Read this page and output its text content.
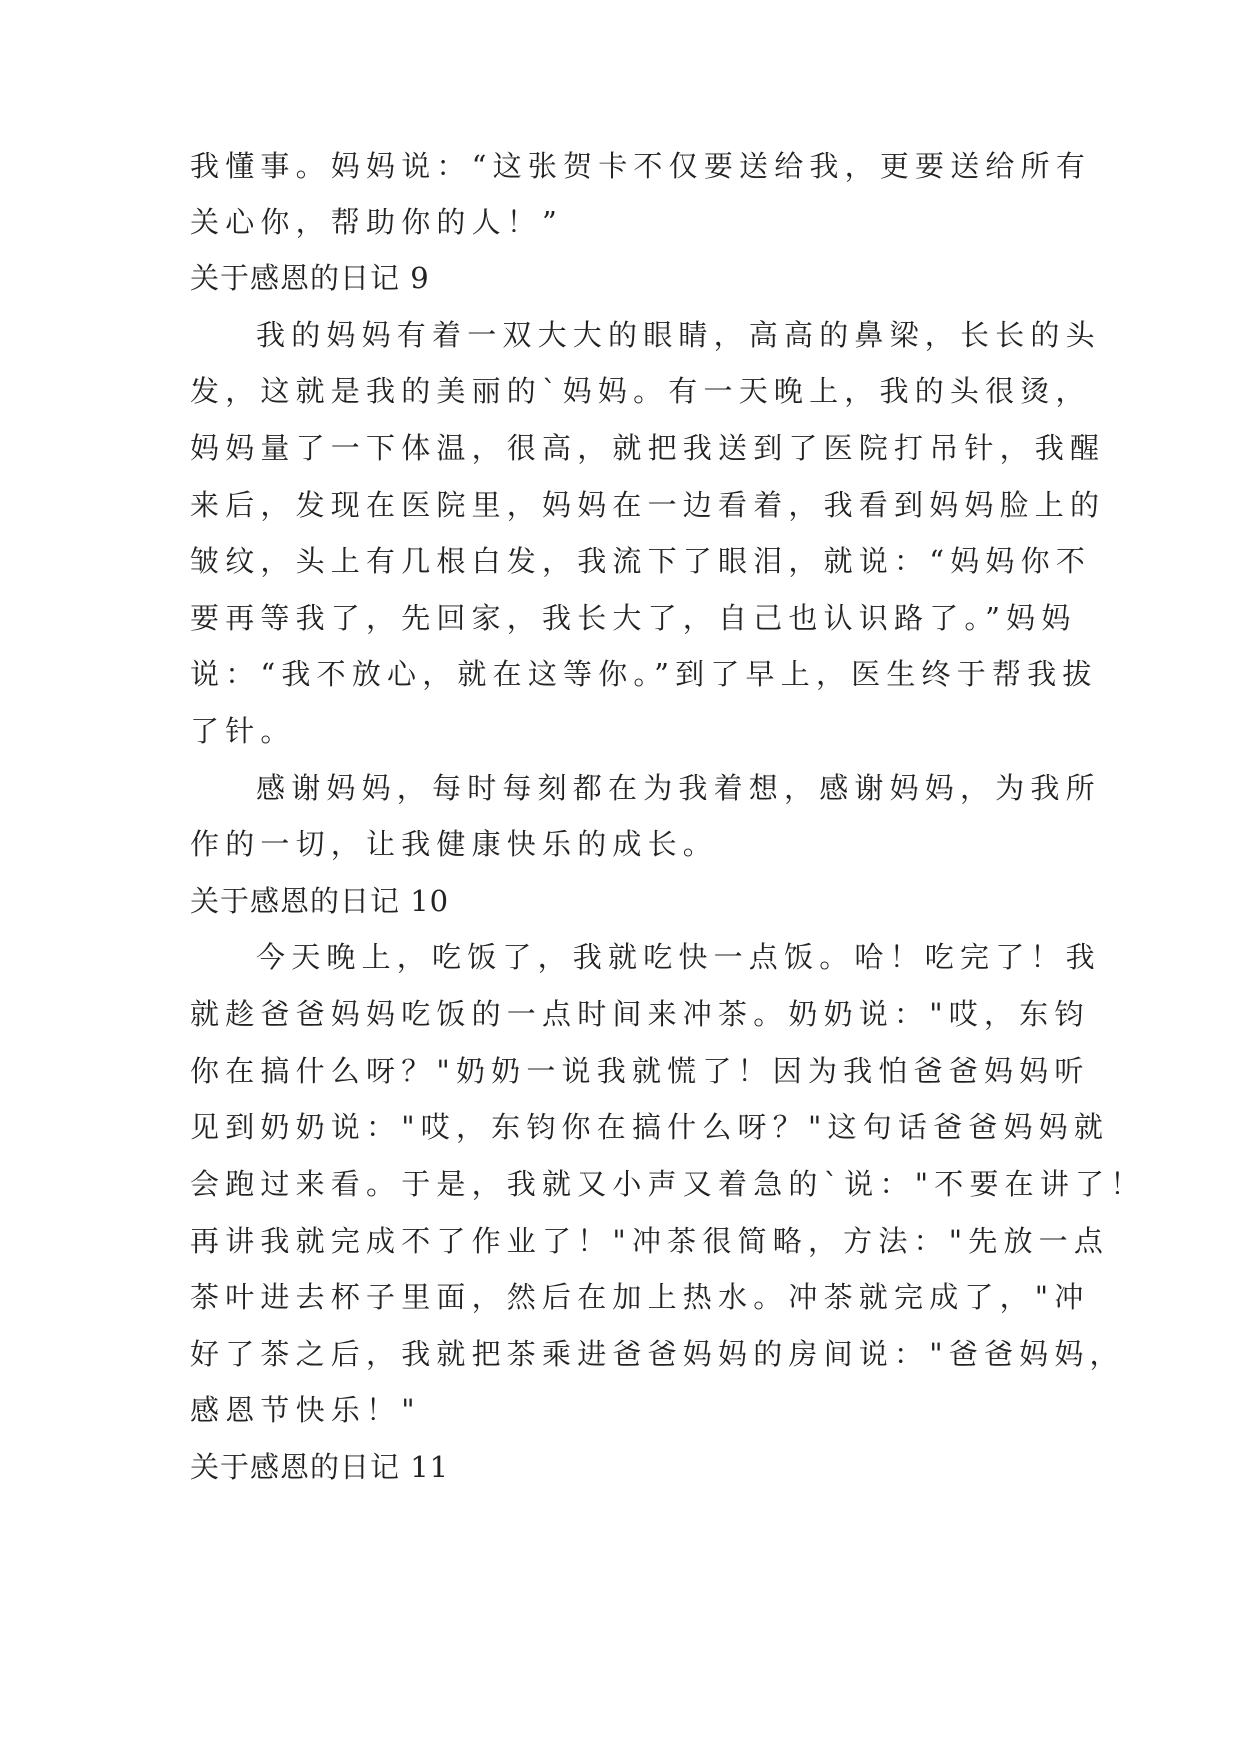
我懂事。妈妈说：“这张贺卡不仅要送给我，更要送给所有
关心你，帮助你的人！”
关于感恩的日记 9
我的妈妈有着一双大大的眼睛，高高的鼻梁，长长的头
发，这就是我的美丽的`妈妈。有一天晚上，我的头很烫，
妈妈量了一下体温，很高，就把我送到了医院打吊针，我醒
来后，发现在医院里，妈妈在一边看着，我看到妈妈脸上的
皱纹，头上有几根白发，我流下了眼泪，就说：“妈妈你不
要再等我了，先回家，我长大了，自己也认识路了。”妈妈
说：“我不放心，就在这等你。”到了早上，医生终于帮我拔
了针。
感谢妈妈，每时每刻都在为我着想，感谢妈妈，为我所
作的一切，让我健康快乐的成长。
关于感恩的日记 10
今天晚上，吃饭了，我就吃快一点饭。哈！吃完了！我
就趁爸爸妈妈吃饭的一点时间来冲茶。奶奶说："哎，东钧
你在搞什么呀？"奶奶一说我就慌了！因为我怕爸爸妈妈听
见到奶奶说："哎，东钧你在搞什么呀？"这句话爸爸妈妈就
会跑过来看。于是，我就又小声又着急的`说："不要在讲了！
再讲我就完成不了作业了！"冲茶很简略，方法："先放一点
茶叶进去杯子里面，然后在加上热水。冲茶就完成了，"冲
好了茶之后，我就把茶乘进爸爸妈妈的房间说："爸爸妈妈，
感恩节快乐！"
关于感恩的日记 11
